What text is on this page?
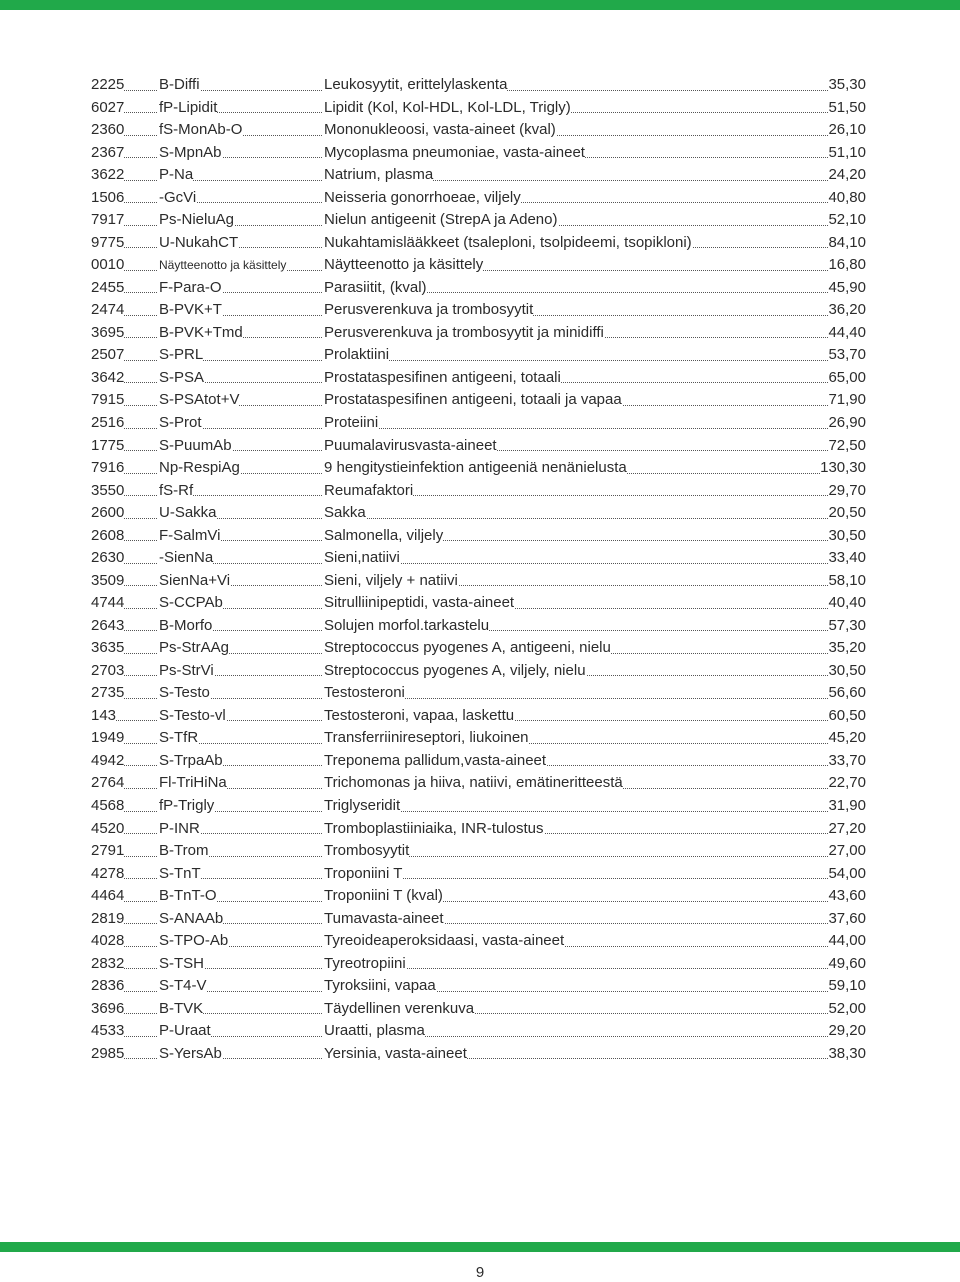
2225	B-Diffi	Leukosyytit, erittelylaskenta	35,30
6027	fP-Lipidit	Lipidit (Kol, Kol-HDL, Kol-LDL, Trigly)	51,50
2360	fS-MonAb-O	Mononukleoosi, vasta-aineet (kval)	26,10
2367	S-MpnAb	Mycoplasma pneumoniae, vasta-aineet	51,10
3622	P-Na	Natrium, plasma	24,20
1506	-GcVi	Neisseria gonorrhoeae, viljely	40,80
7917	Ps-NieluAg	Nielun antigeenit (StrepA ja Adeno)	52,10
9775	U-NukahCT	Nukahtamislääkkeet (tsaleploni, tsolpideemi, tsopikloni)	84,10
0010	Näytteenotto ja käsittely	Näytteenotto ja käsittely	16,80
2455	F-Para-O	Parasiitit, (kval)	45,90
2474	B-PVK+T	Perusverenkuva ja trombosyytit	36,20
3695	B-PVK+Tmd	Perusverenkuva ja trombosyytit ja minidiffi	44,40
2507	S-PRL	Prolaktiini	53,70
3642	S-PSA	Prostataspesifinen antigeeni, totaali	65,00
7915	S-PSAtot+V	Prostataspesifinen antigeeni, totaali ja vapaa	71,90
2516	S-Prot	Proteiini	26,90
1775	S-PuumAb	Puumalavirusvasta-aineet	72,50
7916	Np-RespiAg	9 hengitystieinfektion antigeeniä nenänielusta	130,30
3550	fS-Rf	Reumafaktori	29,70
2600	U-Sakka	Sakka	20,50
2608	F-SalmVi	Salmonella, viljely	30,50
2630	-SienNa	Sieni,natiivi	33,40
3509	SienNa+Vi	Sieni, viljely + natiivi	58,10
4744	S-CCPAb	Sitrulliinipeptidi, vasta-aineet	40,40
2643	B-Morfo	Solujen morfol.tarkastelu	57,30
3635	Ps-StrAAg	Streptococcus pyogenes A, antigeeni, nielu	35,20
2703	Ps-StrVi	Streptococcus pyogenes A, viljely, nielu	30,50
2735	S-Testo	Testosteroni	56,60
143	S-Testo-vl	Testosteroni, vapaa, laskettu	60,50
1949	S-TfR	Transferriinireseptori, liukoinen	45,20
4942	S-TrpaAb	Treponema pallidum,vasta-aineet	33,70
2764	Fl-TriHiNa	Trichomonas ja hiiva, natiivi, emätineritteestä	22,70
4568	fP-Trigly	Triglyseridit	31,90
4520	P-INR	Tromboplastiiniaika, INR-tulostus	27,20
2791	B-Trom	Trombosyytit	27,00
4278	S-TnT	Troponiini T	54,00
4464	B-TnT-O	Troponiini T (kval)	43,60
2819	S-ANAAb	Tumavasta-aineet	37,60
4028	S-TPO-Ab	Tyreoideaperoksidaasi, vasta-aineet	44,00
2832	S-TSH	Tyreotropiini	49,60
2836	S-T4-V	Tyroksiini, vapaa	59,10
3696	B-TVK	Täydellinen verenkuva	52,00
4533	P-Uraat	Uraatti, plasma	29,20
2985	S-YersAb	Yersinia, vasta-aineet	38,30
9
